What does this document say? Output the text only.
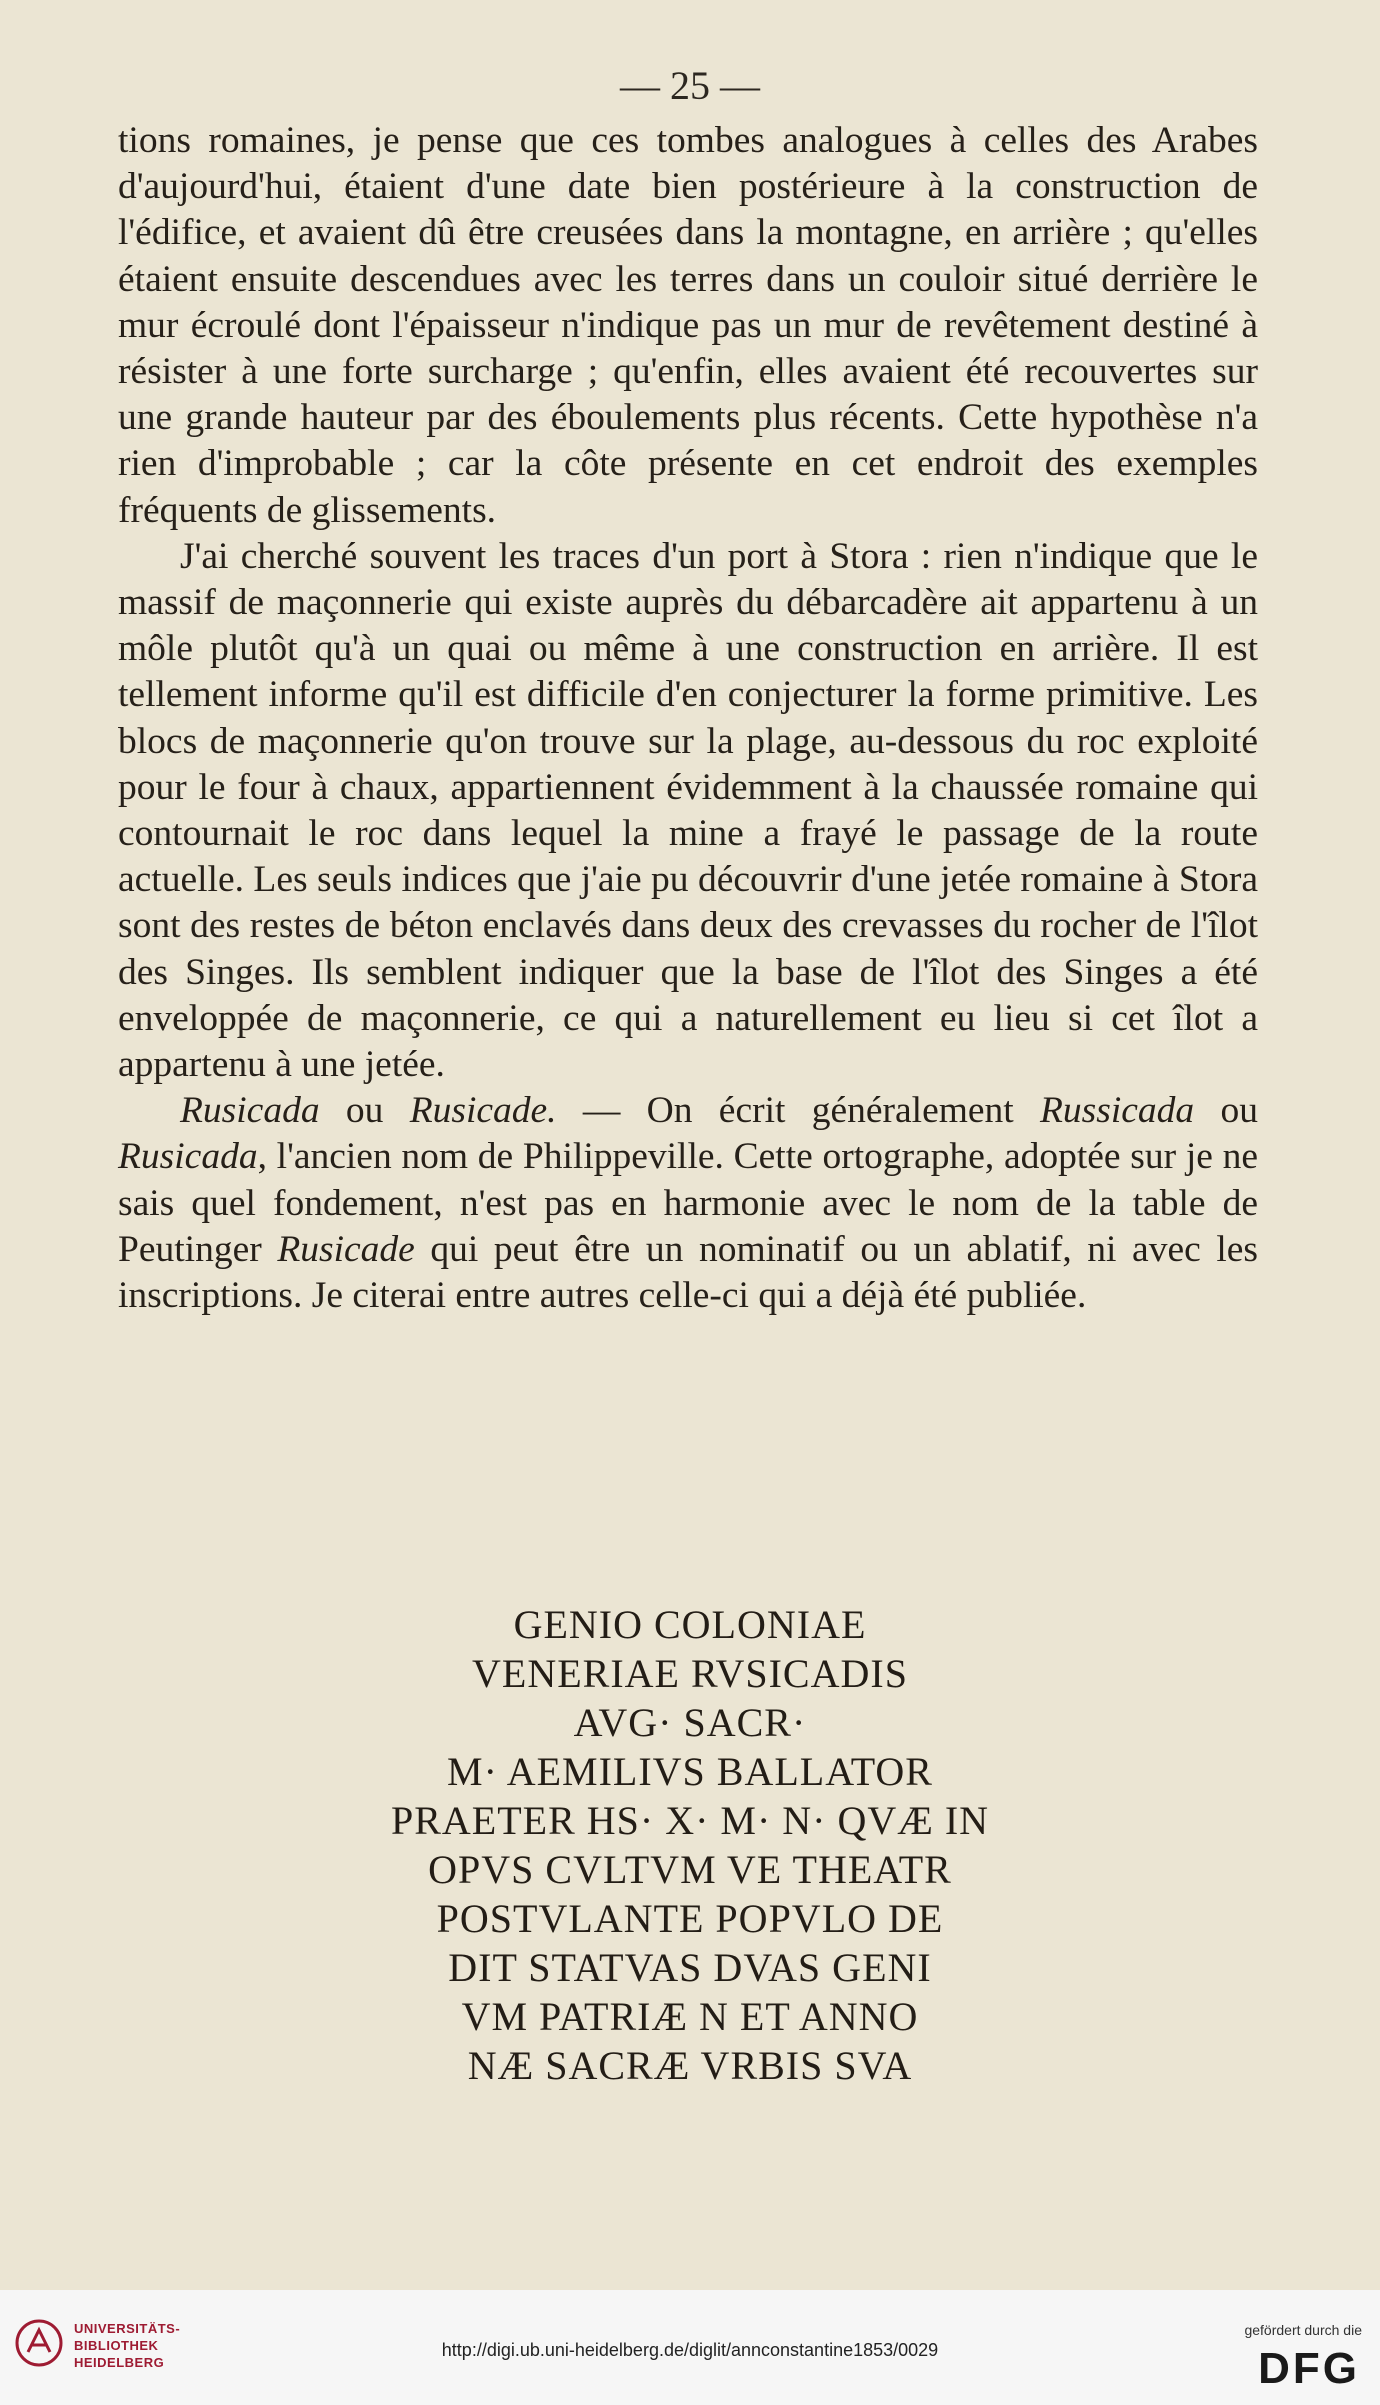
— 25 —

tions romaines, je pense que ces tombes analogues à celles des Arabes d'aujourd'hui, étaient d'une date bien postérieure à la construction de l'édifice, et avaient dû être creusées dans la montagne, en arrière ; qu'elles étaient ensuite descendues avec les terres dans un couloir situé derrière le mur écroulé dont l'épaisseur n'indique pas un mur de revêtement destiné à résister à une forte surcharge ; qu'enfin, elles avaient été recouvertes sur une grande hauteur par des éboulements plus récents. Cette hypothèse n'a rien d'improbable ; car la côte présente en cet endroit des exemples fréquents de glissements.

J'ai cherché souvent les traces d'un port à Stora : rien n'indique que le massif de maçonnerie qui existe auprès du débarcadère ait appartenu à un môle plutôt qu'à un quai ou même à une construction en arrière. Il est tellement informe qu'il est difficile d'en conjecturer la forme primitive. Les blocs de maçonnerie qu'on trouve sur la plage, au-dessous du roc exploité pour le four à chaux, appartiennent évidemment à la chaussée romaine qui contournait le roc dans lequel la mine a frayé le passage de la route actuelle. Les seuls indices que j'aie pu découvrir d'une jetée romaine à Stora sont des restes de béton enclavés dans deux des crevasses du rocher de l'îlot des Singes. Ils semblent indiquer que la base de l'îlot des Singes a été enveloppée de maçonnerie, ce qui a naturellement eu lieu si cet îlot a appartenu à une jetée.

Rusicada ou Rusicade. — On écrit généralement Russicada ou Rusicada, l'ancien nom de Philippeville. Cette ortographe, adoptée sur je ne sais quel fondement, n'est pas en harmonie avec le nom de la table de Peutinger Rusicade qui peut être un nominatif ou un ablatif, ni avec les inscriptions. Je citerai entre autres celle-ci qui a déjà été publiée.

GENIO COLONIAE
VENERIAE RVSICADIS
AVG· SACR·
M· AEMILIVS BALLATOR
PRAETER HS· X· M· N· QVÆ IN
OPVS CVLTVM VE THEATR
POSTVLANTE POPVLO DE
DIT STATVAS DVAS GENI
VM PATRIÆ N ET ANNO
NÆ SACRÆ VRBIS SVA
UNIVERSITÄTS-
BIBLIOTHEK
HEIDELBERG
http://digi.ub.uni-heidelberg.de/diglit/annconstantine1853/0029
gefördert durch die
DFG
